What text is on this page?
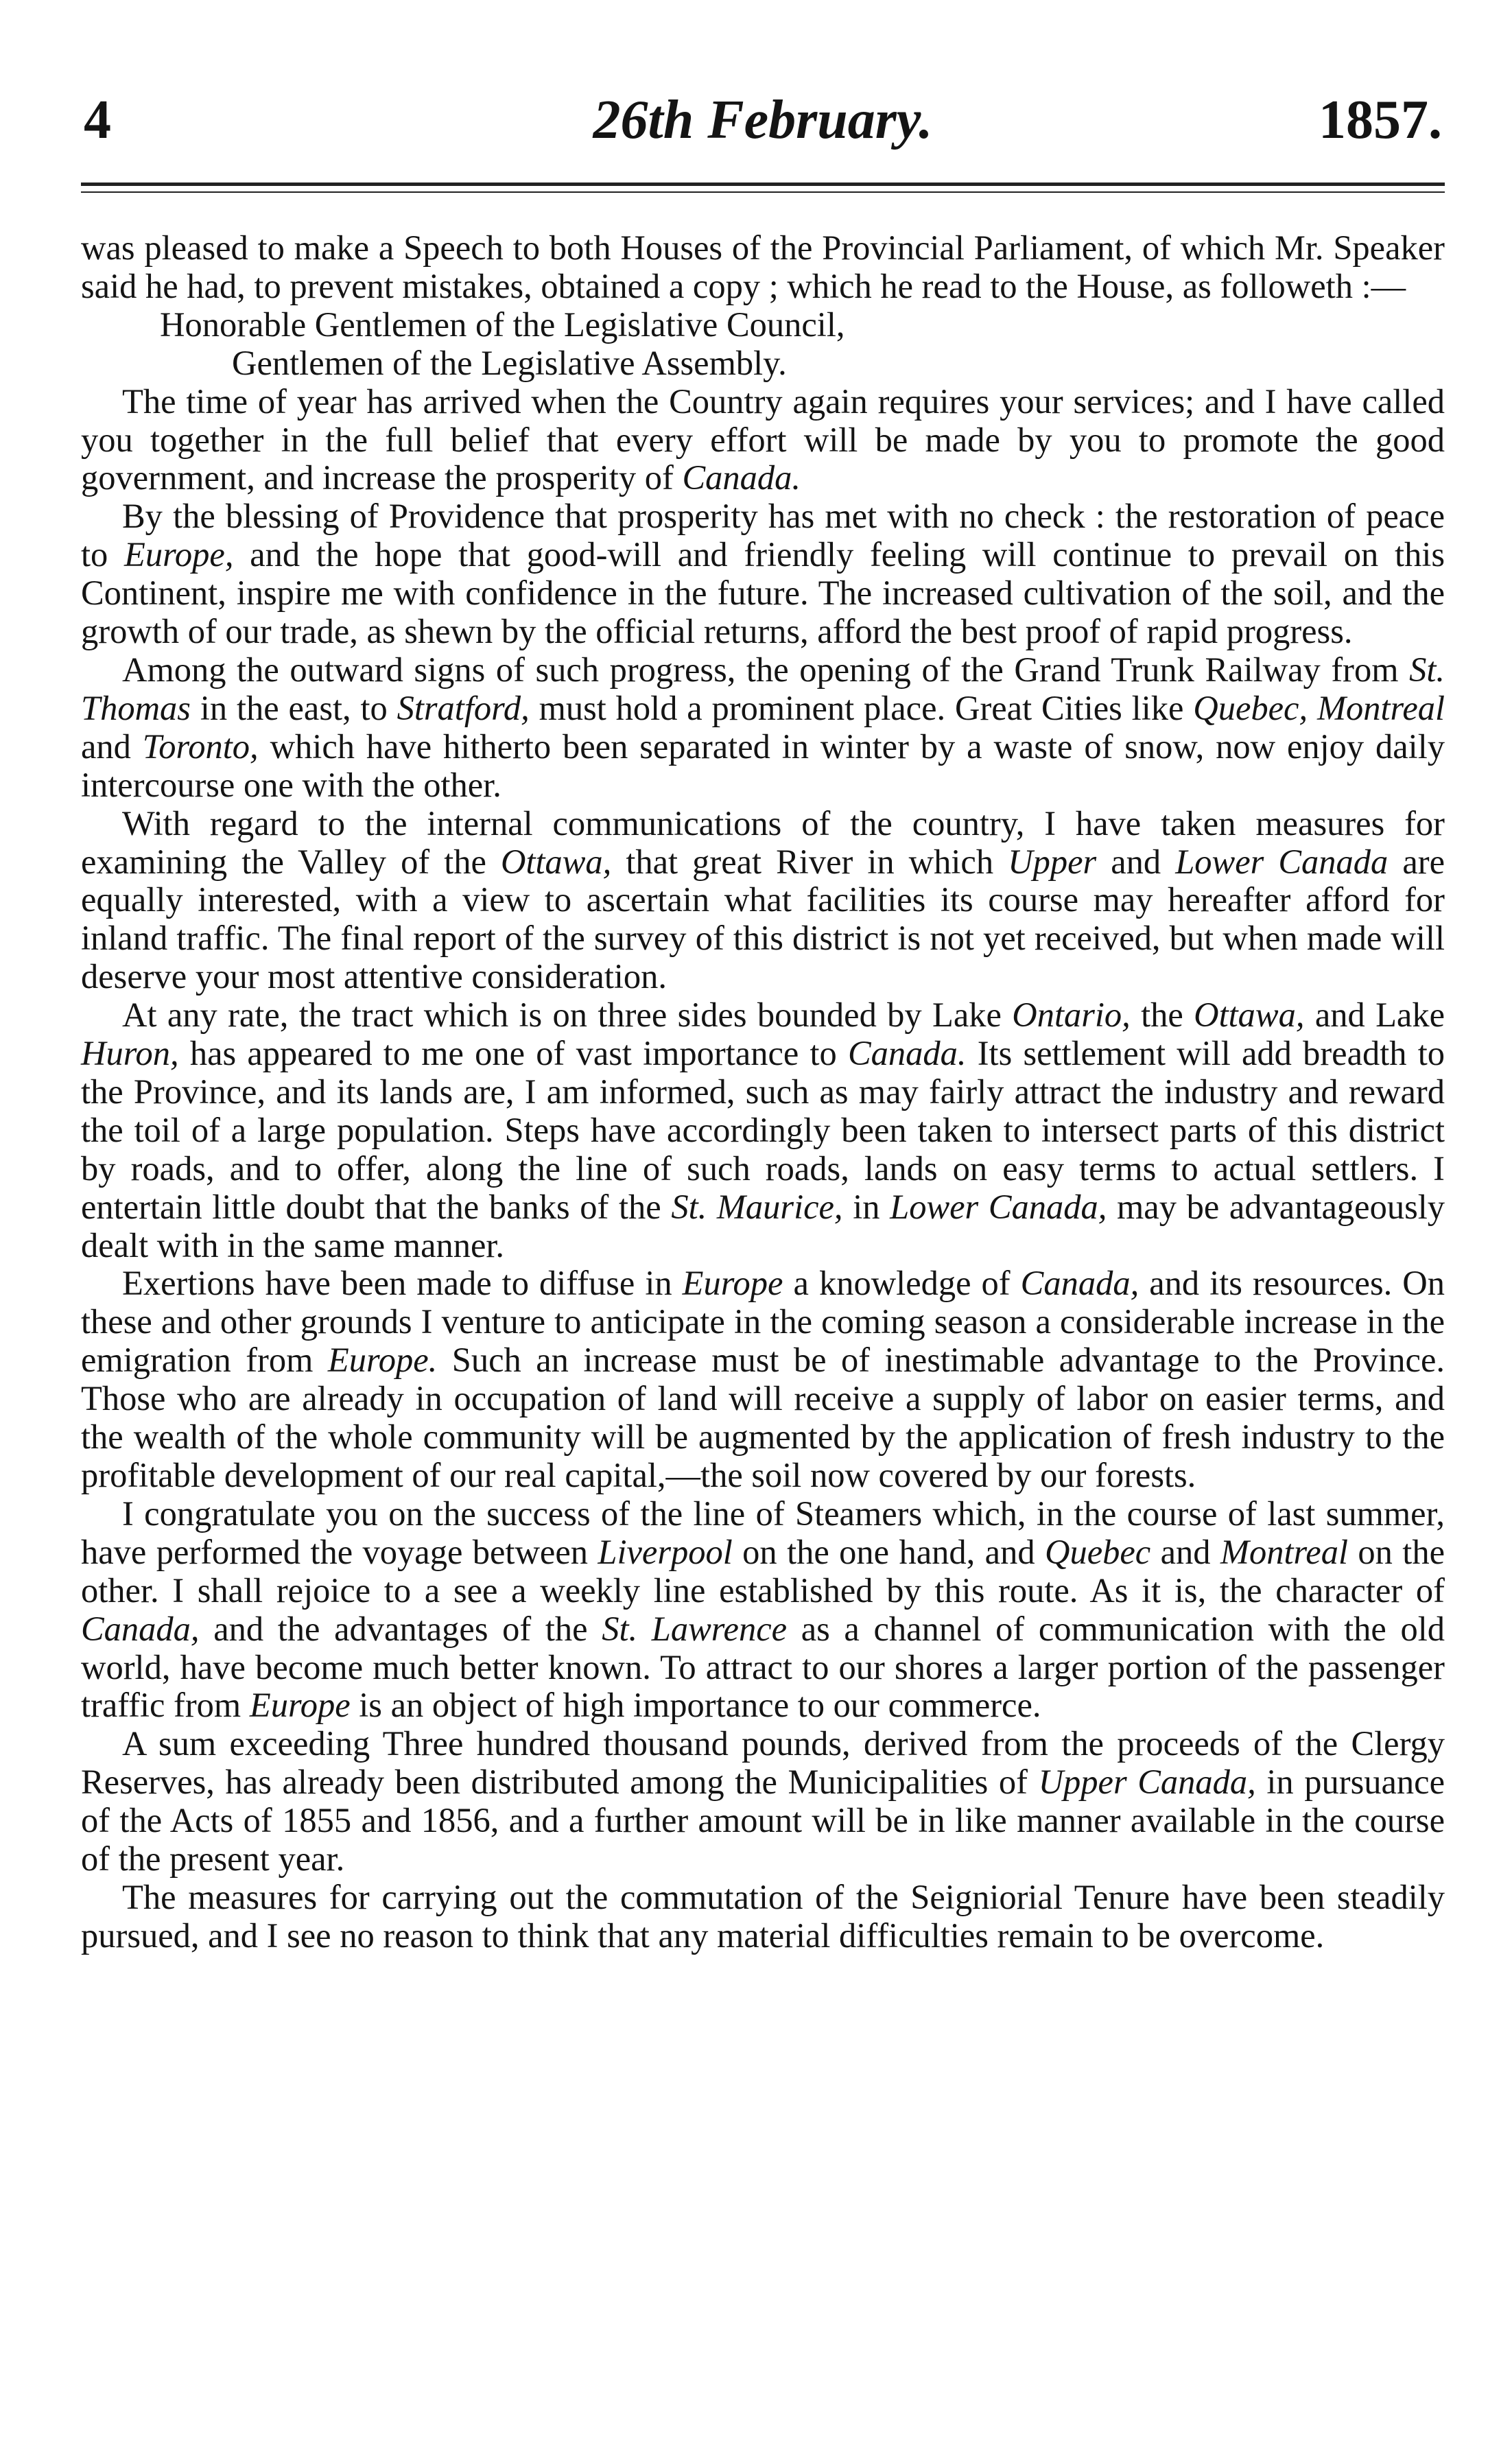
4	26th February.	1857.

was pleased to make a Speech to both Houses of the Provincial Parliament, of which Mr. Speaker said he had, to prevent mistakes, obtained a copy ; which he read to the House, as followeth :—

Honorable Gentlemen of the Legislative Council,

Gentlemen of the Legislative Assembly.

The time of year has arrived when the Country again requires your services; and I have called you together in the full belief that every effort will be made by you to promote the good government, and increase the prosperity of Canada.

By the blessing of Providence that prosperity has met with no check : the restoration of peace to Europe, and the hope that good-will and friendly feeling will continue to prevail on this Continent, inspire me with confidence in the future. The increased cultivation of the soil, and the growth of our trade, as shewn by the official returns, afford the best proof of rapid progress.

Among the outward signs of such progress, the opening of the Grand Trunk Railway from St. Thomas in the east, to Stratford, must hold a prominent place. Great Cities like Quebec, Montreal and Toronto, which have hitherto been separated in winter by a waste of snow, now enjoy daily intercourse one with the other.

With regard to the internal communications of the country, I have taken measures for examining the Valley of the Ottawa, that great River in which Upper and Lower Canada are equally interested, with a view to ascertain what facilities its course may hereafter afford for inland traffic. The final report of the survey of this district is not yet received, but when made will deserve your most attentive consideration.

At any rate, the tract which is on three sides bounded by Lake Ontario, the Ottawa, and Lake Huron, has appeared to me one of vast importance to Canada. Its settlement will add breadth to the Province, and its lands are, I am informed, such as may fairly attract the industry and reward the toil of a large population. Steps have accordingly been taken to intersect parts of this district by roads, and to offer, along the line of such roads, lands on easy terms to actual settlers. I entertain little doubt that the banks of the St. Maurice, in Lower Canada, may be advantageously dealt with in the same manner.

Exertions have been made to diffuse in Europe a knowledge of Canada, and its resources. On these and other grounds I venture to anticipate in the coming season a considerable increase in the emigration from Europe. Such an increase must be of inestimable advantage to the Province. Those who are already in occupation of land will receive a supply of labor on easier terms, and the wealth of the whole community will be augmented by the application of fresh industry to the profitable development of our real capital,—the soil now covered by our forests.

I congratulate you on the success of the line of Steamers which, in the course of last summer, have performed the voyage between Liverpool on the one hand, and Quebec and Montreal on the other. I shall rejoice to a see a weekly line established by this route. As it is, the character of Canada, and the advantages of the St. Lawrence as a channel of communication with the old world, have become much better known. To attract to our shores a larger portion of the passenger traffic from Europe is an object of high importance to our commerce.

A sum exceeding Three hundred thousand pounds, derived from the proceeds of the Clergy Reserves, has already been distributed among the Municipalities of Upper Canada, in pursuance of the Acts of 1855 and 1856, and a further amount will be in like manner available in the course of the present year.

The measures for carrying out the commutation of the Seigniorial Tenure have been steadily pursued, and I see no reason to think that any material difficulties remain to be overcome.
